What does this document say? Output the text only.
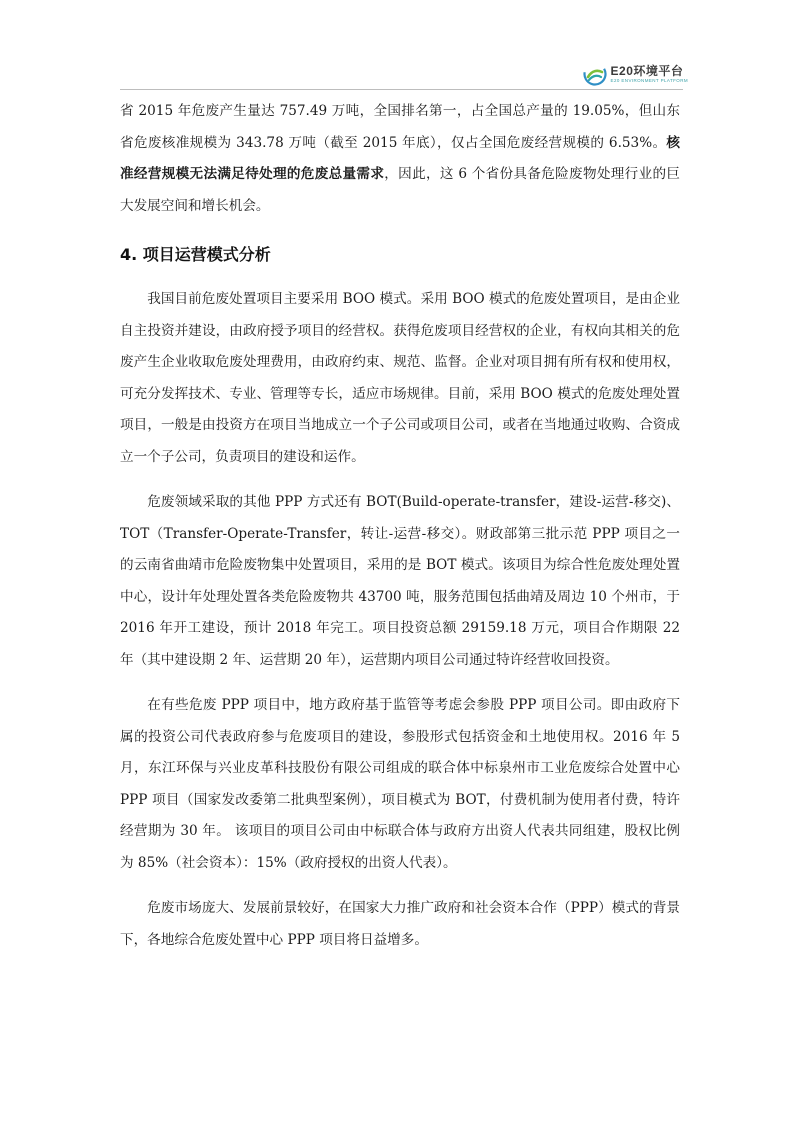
E20环境平台
E20 ENVIRONMENT PLATFORM

省 2015 年危废产生量达 757.49 万吨，全国排名第一，占全国总产量的 19.05%，但山东省危废核准规模为 343.78 万吨（截至 2015 年底），仅占全国危废经营规模的 6.53%。核准经营规模无法满足待处理的危废总量需求，因此，这 6 个省份具备危险废物处理行业的巨大发展空间和增长机会。

4. 项目运营模式分析

我国目前危废处置项目主要采用 BOO 模式。采用 BOO 模式的危废处置项目，是由企业自主投资并建设，由政府授予项目的经营权。获得危废项目经营权的企业，有权向其相关的危废产生企业收取危废处理费用，由政府约束、规范、监督。企业对项目拥有所有权和使用权，可充分发挥技术、专业、管理等专长，适应市场规律。目前，采用 BOO 模式的危废处理处置项目，一般是由投资方在项目当地成立一个子公司或项目公司，或者在当地通过收购、合资成立一个子公司，负责项目的建设和运作。

危废领域采取的其他 PPP 方式还有 BOT(Build-operate-transfer，建设-运营-移交)、TOT（Transfer-Operate-Transfer，转让-运营-移交）。财政部第三批示范 PPP 项目之一的云南省曲靖市危险废物集中处置项目，采用的是 BOT 模式。该项目为综合性危废处理处置中心，设计年处理处置各类危险废物共 43700 吨，服务范围包括曲靖及周边 10 个州市，于 2016 年开工建设，预计 2018 年完工。项目投资总额 29159.18 万元，项目合作期限 22 年（其中建设期 2 年、运营期 20 年），运营期内项目公司通过特许经营收回投资。

在有些危废 PPP 项目中，地方政府基于监管等考虑会参股 PPP 项目公司。即由政府下属的投资公司代表政府参与危废项目的建设，参股形式包括资金和土地使用权。2016 年 5 月，东江环保与兴业皮革科技股份有限公司组成的联合体中标泉州市工业危废综合处置中心 PPP 项目（国家发改委第二批典型案例），项目模式为 BOT，付费机制为使用者付费，特许经营期为 30 年。 该项目的项目公司由中标联合体与政府方出资人代表共同组建，股权比例为 85%（社会资本）：15%（政府授权的出资人代表）。

危废市场庞大、发展前景较好，在国家大力推广政府和社会资本合作（PPP）模式的背景下，各地综合危废处置中心 PPP 项目将日益增多。
